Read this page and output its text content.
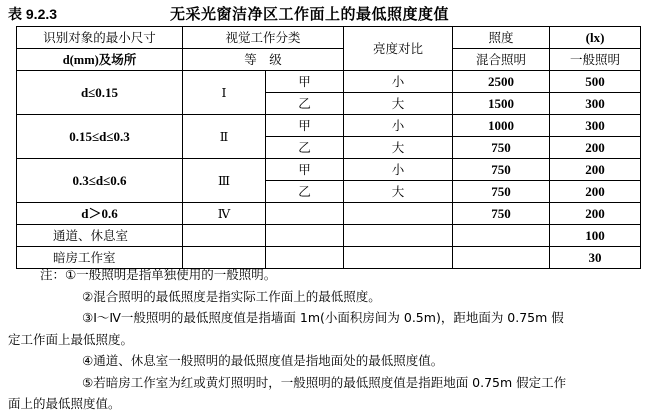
表 9.2.3	无采光窗洁净区工作面上的最低照度度值
识别对象的最小尺寸	视觉工作分类		亮度对比	照度	(lx)
d(mm)及场所	等　级			混合照明	一般照明
d≤0.15	Ⅰ	甲	小	2500	500
		乙	大	1500	300
0.15≤d≤0.3	Ⅱ	甲	小	1000	300
		乙	大	750	200
0.3≤d≤0.6	Ⅲ	甲	小	750	200
		乙	大	750	200
d＞0.6	Ⅳ			750	200
通道、休息室					100
暗房工作室					30
注：①一般照明是指单独使用的一般照明。
②混合照明的最低照度是指实际工作面上的最低照度。
③Ⅰ～Ⅳ一般照明的最低照度值是指墙面 1m(小面积房间为 0.5m)，距地面为 0.75m 假
定工作面上最低照度。
④通道、休息室一般照明的最低照度值是指地面处的最低照度值。
⑤若暗房工作室为红或黄灯照明时，一般照明的最低照度值是指距地面 0.75m 假定工作
面上的最低照度值。
